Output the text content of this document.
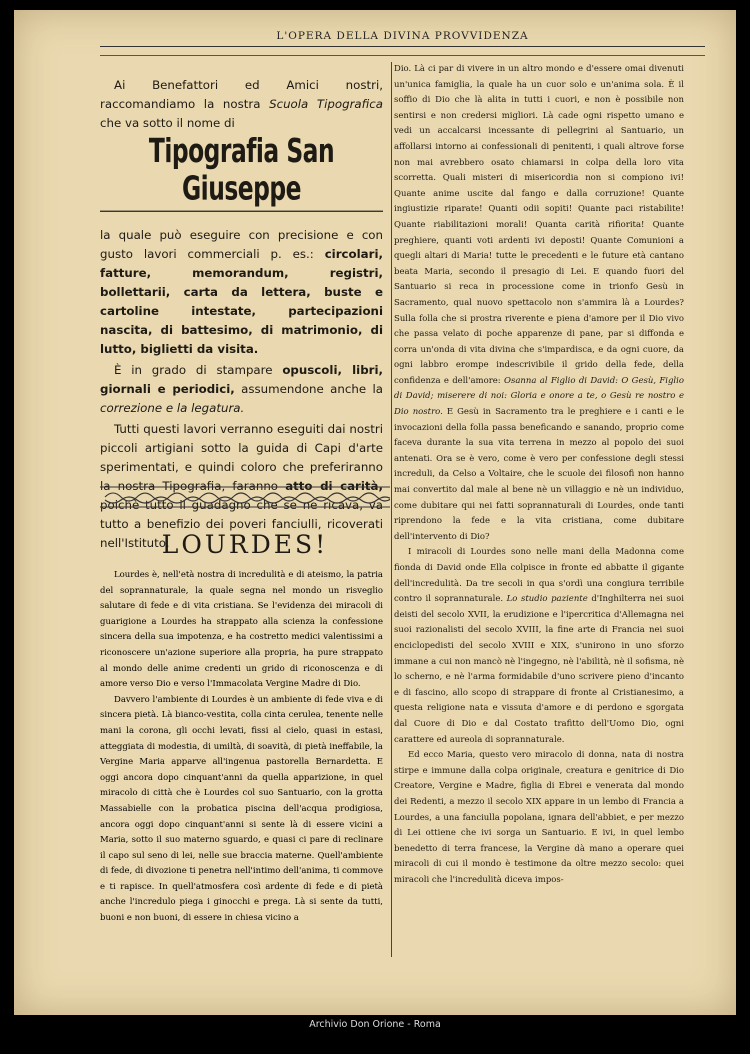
L'OPERA DELLA DIVINA PROVVIDENZA

Ai Benefattori ed Amici nostri, raccomandiamo la nostra Scuola Tipografica che va sotto il nome di

Tipografia San Giuseppe

la quale può eseguire con precisione e con gusto lavori commerciali p. es.: circolari, fatture, memorandum, registri, bollettarii, carta da lettera, buste e cartoline intestate, partecipazioni nascita, di battesimo, di matrimonio, di lutto, biglietti da visita.

È in grado di stampare opuscoli, libri, giornali e periodici, assumendone anche la correzione e la legatura.

Tutti questi lavori verranno eseguiti dai nostri piccoli artigiani sotto la guida di Capi d'arte sperimentati, e quindi coloro che preferiranno la nostra Tipografia, faranno atto di carità, poichè tutto il guadagno che se ne ricava, va tutto a benefizio dei poveri fanciulli, ricoverati nell'Istituto.

LOURDES!

Lourdes è, nell'età nostra di incredulità e di ateismo, la patria del soprannaturale, la quale segna nel mondo un risveglio salutare di fede e di vita cristiana. Se l'evidenza dei miracoli di guarigione a Lourdes ha strappato alla scienza la confessione sincera della sua impotenza, e ha costretto medici valentissimi a riconoscere un'azione superiore alla propria, ha pure strappato al mondo delle anime credenti un grido di riconoscenza e di amore verso Dio e verso l'Immacolata Vergine Madre di Dio.

Davvero l'ambiente di Lourdes è un ambiente di fede viva e di sincera pietà. Là bianco-vestita, colla cinta cerulea, tenente nelle mani la corona, gli occhi levati, fissi al cielo, quasi in estasi, atteggiata di modestia, di umiltà, di soavità, di pietà ineffabile, la Vergine Maria apparve all'ingenua pastorella Bernardetta. E oggi ancora dopo cinquant'anni da quella apparizione, in quel miracolo di città che è Lourdes col suo Santuario, con la grotta Massabielle con la probatica piscina dell'acqua prodigiosa, ancora oggi dopo cinquant'anni si sente là di essere vicini a Maria, sotto il suo materno sguardo, e quasi ci pare di reclinare il capo sul seno di lei, nelle sue braccia materne. Quell'ambiente di fede, di divozione ti penetra nell'intimo dell'anima, ti commove e ti rapisce. In quell'atmosfera così ardente di fede e di pietà anche l'incredulo piega i ginocchi e prega. Là si sente da tutti, buoni e non buoni, di essere in chiesa vicino a

Dio. Là ci par di vivere in un altro mondo e d'essere omai divenuti un'unica famiglia, la quale ha un cuor solo e un'anima sola. È il soffio di Dio che là alita in tutti i cuori, e non è possibile non sentirsi e non credersi migliori. Là cade ogni rispetto umano e vedi un accalcarsi incessante di pellegrini al Santuario, un affollarsi intorno ai confessionali di penitenti, i quali altrove forse non mai avrebbero osato chiamarsi in colpa della loro vita scorretta. Quali misteri di misericordia non si compiono ivi! Quante anime uscite dal fango e dalla corruzione! Quante ingiustizie riparate! Quanti odii sopiti! Quante paci ristabilite! Quante riabilitazioni morali! Quanta carità rifiorita! Quante preghiere, quanti voti ardenti ivi deposti! Quante Comunioni a quegli altari di Maria! tutte le precedenti e le future età cantano beata Maria, secondo il presagio di Lei. E quando fuori del Santuario si reca in processione come in trionfo Gesù in Sacramento, qual nuovo spettacolo non s'ammira là a Lourdes? Sulla folla che si prostra riverente e piena d'amore per il Dio vivo che passa velato di poche apparenze di pane, par si diffonda e corra un'onda di vita divina che s'impardisca, e da ogni cuore, da ogni labbro erompe indescrivibile il grido della fede, della confidenza e dell'amore: Osanna al Figlio di David: O Gesù, Figlio di David; miserere di noi: Gloria e onore a te, o Gesù re nostro e Dio nostro. E Gesù in Sacramento tra le preghiere e i canti e le invocazioni della folla passa beneficando e sanando, proprio come faceva durante la sua vita terrena in mezzo al popolo dei suoi antenati. Ora se è vero, come è vero per confessione degli stessi increduli, da Celso a Voltaire, che le scuole dei filosofi non hanno mai convertito dal male al bene nè un villaggio e nè un individuo, come dubitare qui nei fatti soprannaturali di Lourdes, onde tanti riprendono la fede e la vita cristiana, come dubitare dell'intervento di Dio?

I miracoli di Lourdes sono nelle mani della Madonna come fionda di David onde Ella colpisce in fronte ed abbatte il gigante dell'incredulità. Da tre secoli in qua s'ordì una congiura terribile contro il soprannaturale. Lo studio paziente d'Inghilterra nei suoi deisti del secolo XVII, la erudizione e l'ipercritica d'Allemagna nei suoi razionalisti del secolo XVIII, la fine arte di Francia nei suoi enciclopedisti del secolo XVIII e XIX, s'unirono in uno sforzo immane a cui non mancò nè l'ingegno, nè l'abilità, nè il sofisma, nè lo scherno, e nè l'arma formidabile d'uno scrivere pieno d'incanto e di fascino, allo scopo di strappare di fronte al Cristianesimo, a questa religione nata e vissuta d'amore e di perdono e sgorgata dal Cuore di Dio e dal Costato trafitto dell'Uomo Dio, ogni carattere ed aureola di soprannaturale.

Ed ecco Maria, questo vero miracolo di donna, nata di nostra stirpe e immune dalla colpa originale, creatura e genitrice di Dio Creatore, Vergine e Madre, figlia di Ebrei e venerata dal mondo dei Redenti, a mezzo il secolo XIX appare in un lembo di Francia a Lourdes, a una fanciulla popolana, ignara dell'abbiet, e per mezzo di Lei ottiene che ivi sorga un Santuario. E ivi, in quel lembo benedetto di terra francese, la Vergine dà mano a operare quei miracoli di cui il mondo è testimone da oltre mezzo secolo: quei miracoli che l'incredulità diceva impos-

Archivio Don Orione - Roma
